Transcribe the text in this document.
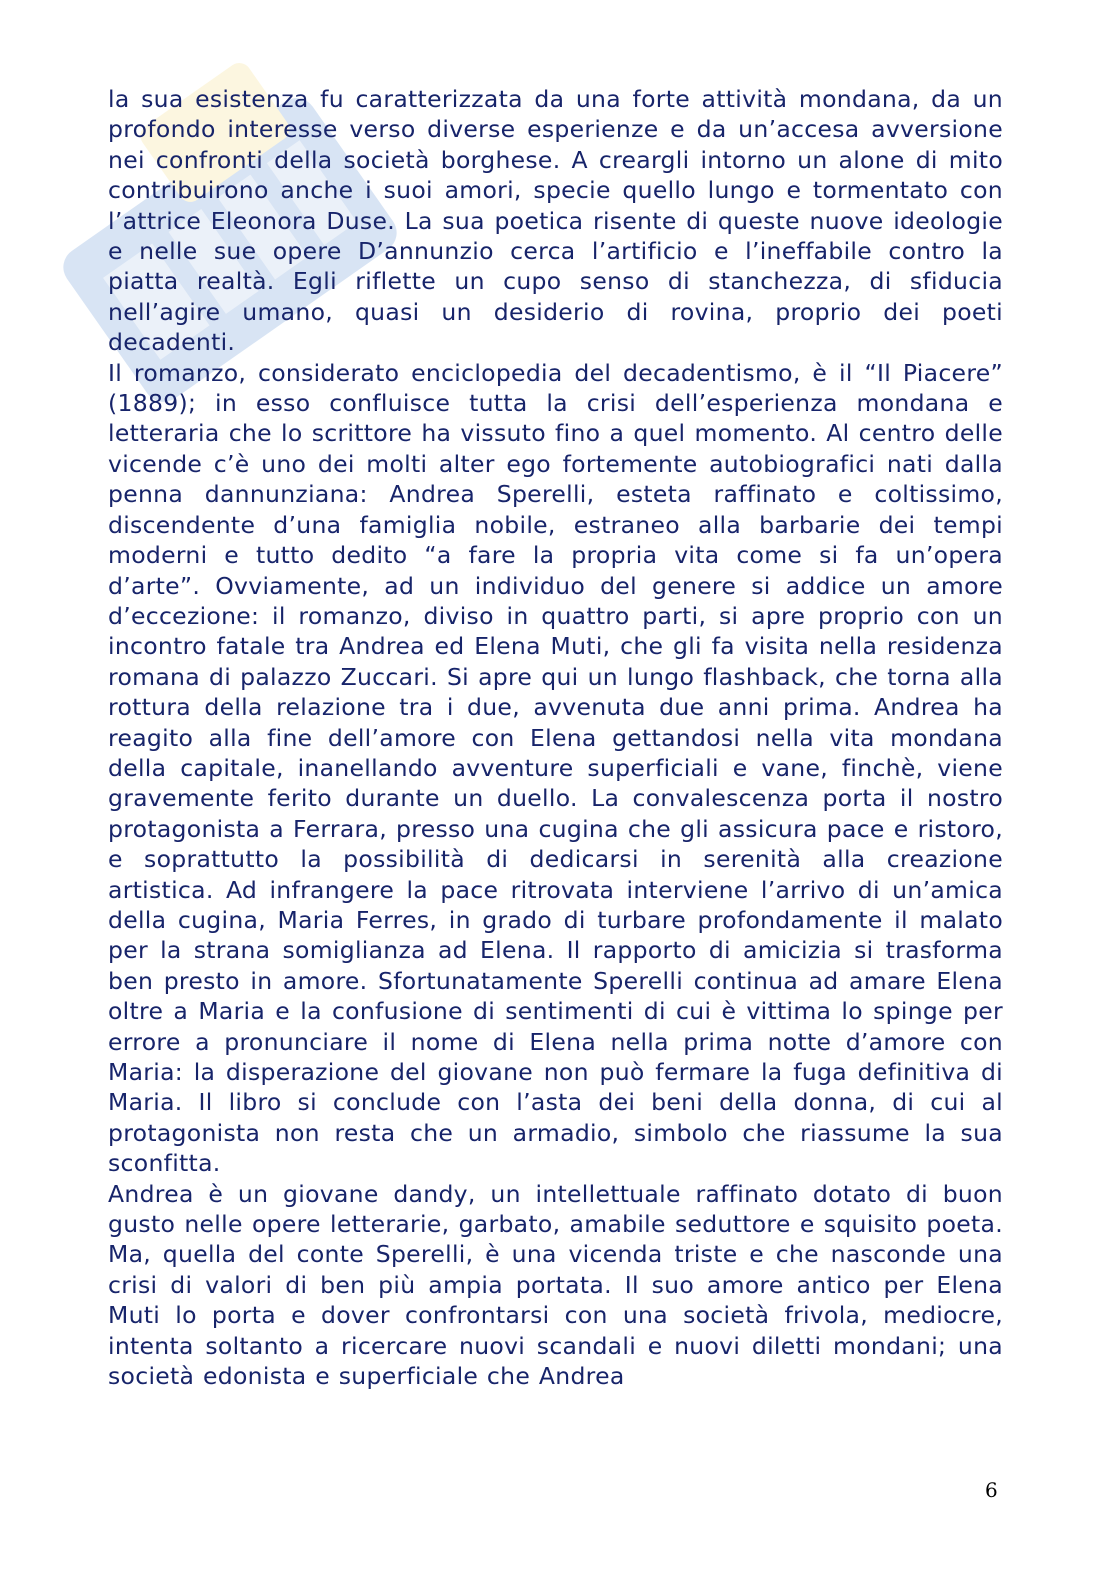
la sua esistenza fu caratterizzata da una forte attività mondana, da un profondo interesse verso diverse esperienze e da un’accesa avversione nei confronti della società borghese. A creargli intorno un alone di mito contribuirono anche i suoi amori, specie quello lungo e tormentato con l’attrice Eleonora Duse. La sua poetica risente di queste nuove ideologie e nelle sue opere D’annunzio cerca l’artificio e l’ineffabile contro la piatta realtà. Egli riflette un cupo senso di stanchezza, di sfiducia nell’agire umano, quasi un desiderio di rovina, proprio dei poeti decadenti.

Il romanzo, considerato enciclopedia del decadentismo, è il “Il Piacere” (1889); in esso confluisce tutta la crisi dell’esperienza mondana e letteraria che lo scrittore ha vissuto fino a quel momento. Al centro delle vicende c’è uno dei molti alter ego fortemente autobiografici nati dalla penna dannunziana: Andrea Sperelli, esteta raffinato e coltissimo, discendente d’una famiglia nobile, estraneo alla barbarie dei tempi moderni e tutto dedito “a fare la propria vita come si fa un’opera d’arte”. Ovviamente, ad un individuo del genere si addice un amore d’eccezione: il romanzo, diviso in quattro parti, si apre proprio con un incontro fatale tra Andrea ed Elena Muti, che gli fa visita nella residenza romana di palazzo Zuccari. Si apre qui un lungo flashback, che torna alla rottura della relazione tra i due, avvenuta due anni prima. Andrea ha reagito alla fine dell’amore con Elena gettandosi nella vita mondana della capitale, inanellando avventure superficiali e vane, finchè, viene gravemente ferito durante un duello. La convalescenza porta il nostro protagonista a Ferrara, presso una cugina che gli assicura pace e ristoro, e soprattutto la possibilità di dedicarsi in serenità alla creazione artistica. Ad infrangere la pace ritrovata interviene l’arrivo di un’amica della cugina, Maria Ferres, in grado di turbare profondamente il malato per la strana somiglianza ad Elena. Il rapporto di amicizia si trasforma ben presto in amore. Sfortunatamente Sperelli continua ad amare Elena oltre a Maria e la confusione di sentimenti di cui è vittima lo spinge per errore a pronunciare il nome di Elena nella prima notte d’amore con Maria: la disperazione del giovane non può fermare la fuga definitiva di Maria. Il libro si conclude con l’asta dei beni della donna, di cui al protagonista non resta che un armadio, simbolo che riassume la sua sconfitta.

Andrea è un giovane dandy, un intellettuale raffinato dotato di buon gusto nelle opere letterarie, garbato, amabile seduttore e squisito poeta. Ma, quella del conte Sperelli, è una vicenda triste e che nasconde una crisi di valori di ben più ampia portata. Il suo amore antico per Elena Muti lo porta e dover confrontarsi con una società frivola, mediocre, intenta soltanto a ricercare nuovi scandali e nuovi diletti mondani; una società edonista e superficiale che Andrea

6
